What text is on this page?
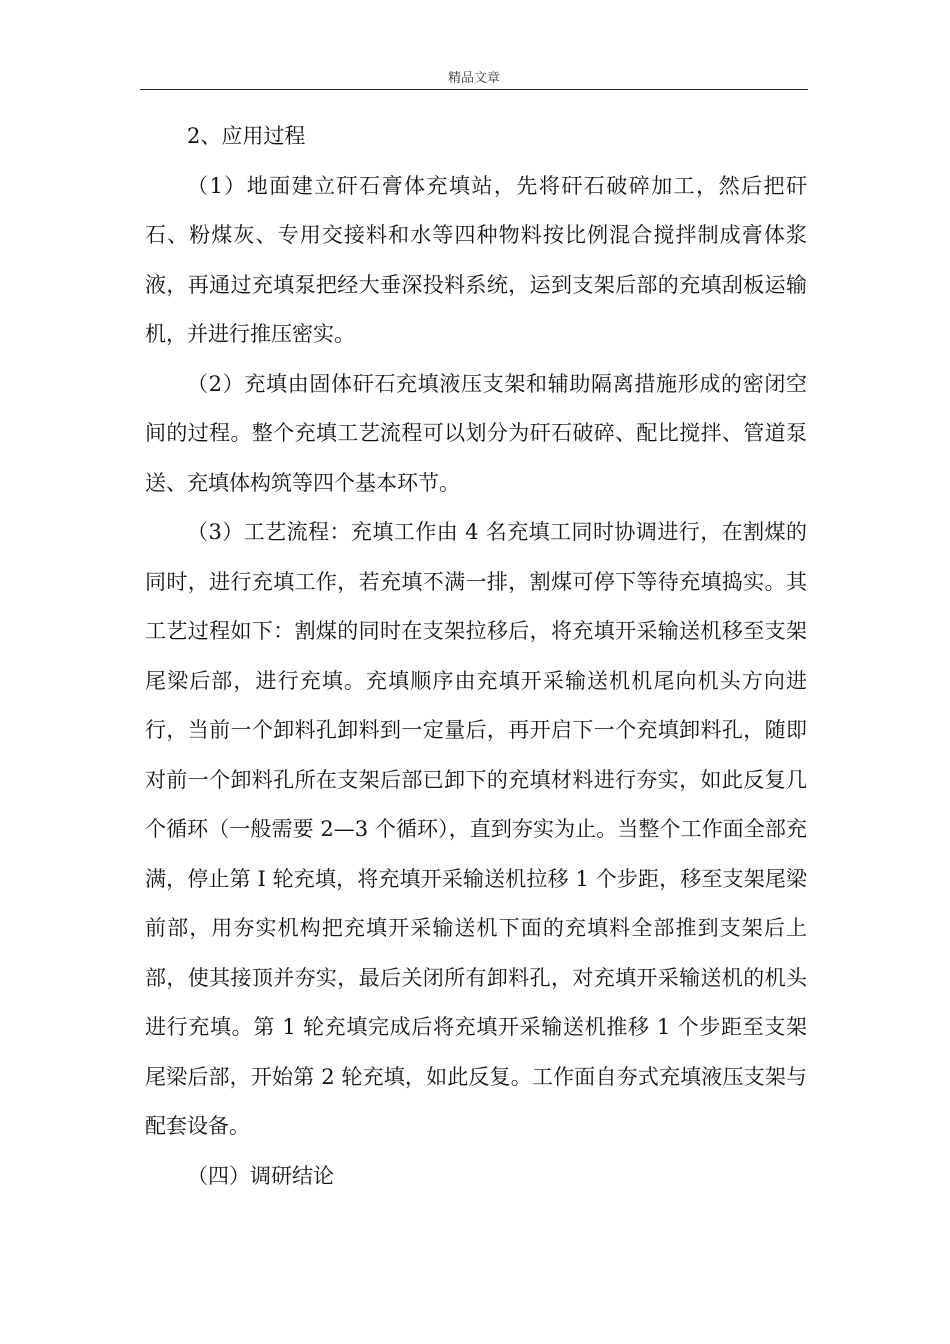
精品文章

2、应用过程

（1）地面建立矸石膏体充填站，先将矸石破碎加工，然后把矸石、粉煤灰、专用交接料和水等四种物料按比例混合搅拌制成膏体浆液，再通过充填泵把经大垂深投料系统，运到支架后部的充填刮板运输机，并进行推压密实。

（2）充填由固体矸石充填液压支架和辅助隔离措施形成的密闭空间的过程。整个充填工艺流程可以划分为矸石破碎、配比搅拌、管道泵送、充填体构筑等四个基本环节。

（3）工艺流程：充填工作由 4 名充填工同时协调进行，在割煤的同时，进行充填工作，若充填不满一排，割煤可停下等待充填捣实。其工艺过程如下：割煤的同时在支架拉移后，将充填开采输送机移至支架尾梁后部，进行充填。充填顺序由充填开采输送机机尾向机头方向进行，当前一个卸料孔卸料到一定量后，再开启下一个充填卸料孔，随即对前一个卸料孔所在支架后部已卸下的充填材料进行夯实，如此反复几个循环（一般需要 2—3 个循环），直到夯实为止。当整个工作面全部充满，停止第 I 轮充填，将充填开采输送机拉移 1 个步距，移至支架尾梁前部，用夯实机构把充填开采输送机下面的充填料全部推到支架后上部，使其接顶并夯实，最后关闭所有卸料孔，对充填开采输送机的机头进行充填。第 1 轮充填完成后将充填开采输送机推移 1 个步距至支架尾梁后部，开始第 2 轮充填，如此反复。工作面自夯式充填液压支架与配套设备。

（四）调研结论
